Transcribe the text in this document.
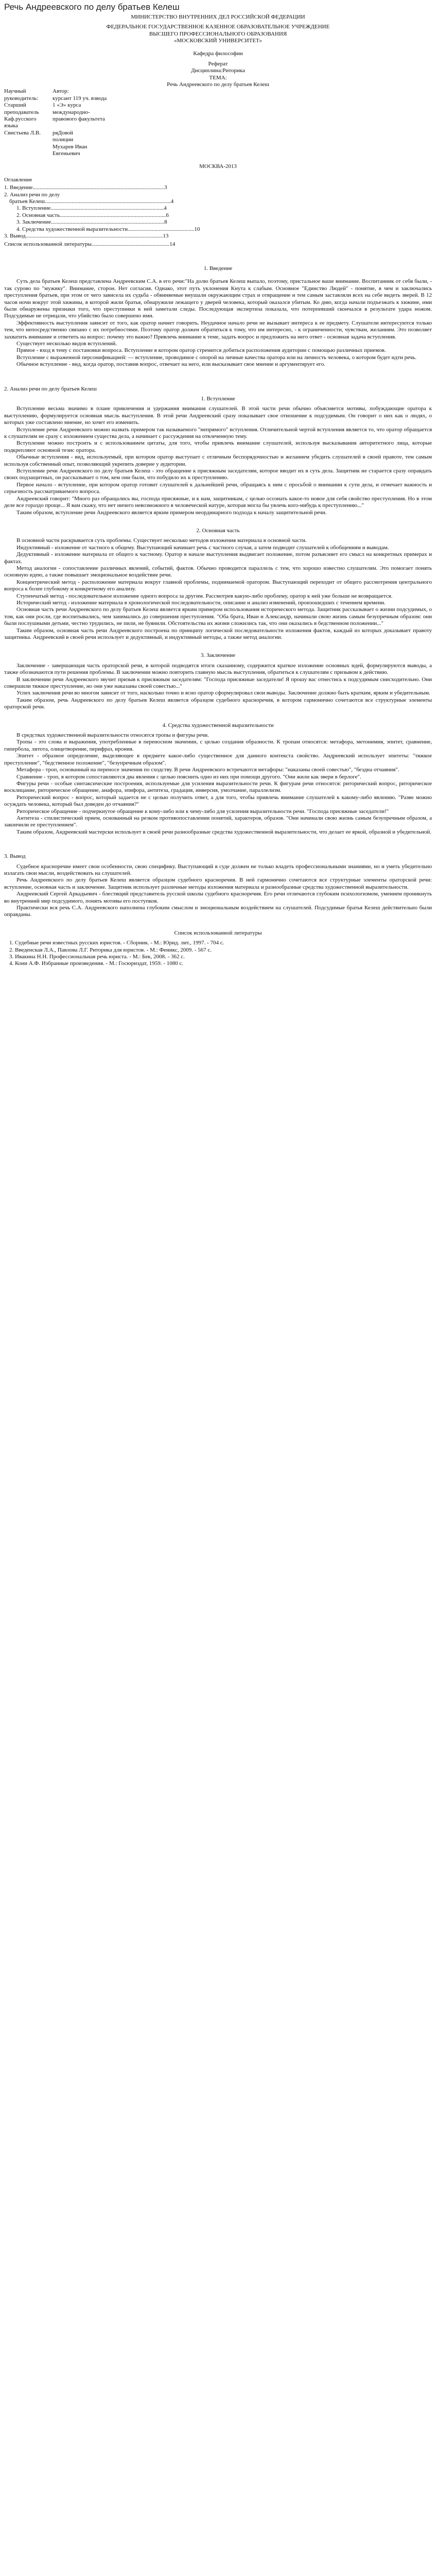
Речь Андреевского по делу братьев Келеш

МИНИСТЕРСТВО ВНУТРЕННИХ ДЕЛ РОССИЙСКОЙ ФЕДЕРАЦИИ

ФЕДЕРАЛЬНОЕ ГОСУДАРСТВЕННОЕ КАЗЕННОЕ ОБРАЗОВАТЕЛЬНОЕ УЧРЕЖДЕНИЕ

ВЫСШЕГО ПРОФЕССИОНАЛЬНОГО ОБРАЗОВАНИЯ

«МОСКОВСКИЙ УНИВЕРСИТЕТ»

Кафедра философии

Реферат

Дисциплина:Риторика

ТЕМА:

Речь Андреевского по делу братьев Келеш

Научный	Автор:
руководитель:	курсант 119 уч. взвода
Старший	1 «Э» курса
преподаватель	международно-
Каф.русского языка	правового факультета
Свистьева Л.В.	ряДовой
	полиции
	Мухарев Иван
	Евгеньевич

МОСКВА-2013

Оглавление

1. Введение ............................................................................................. 3
2. Анализ речи по делу
братьев Келеш ......................................................................................... 4
1. Вступление ................................................................................ 4
2. Основная часть ........................................................................... 6
3. Заключение ................................................................................ 8
4. Средства художественной выразительности ............................................... 10
3. Вывод ................................................................................................. 13
Список использованной литературы ....................................................... 14

1. Введение

Суть дела братьев Келеш представлена Андреевским С.А. в его речи:"На долю братьев Келеш выпало, поэтому, пристальное ваше внимание. Воспитанник от себя были, - так сурово по "мужику". Внимание, сторон. Нет согласия. Однако, этот путь уклонения Кнута к слабым. Основное "Единство Людей" - понятие, в чем и заключались преступления братьев, при этом от чего зависела их судьба - обвиняемые внушали окружающим страх и отвращение и тем самым заставляли всех на себе видеть зверей. В 12 часов ночи вокруг этой хижины, в которой жили братья, обнаружили лежащего у дверей человека, который оказался убитым. Ко дню, когда начали подъезжать к хижине, ими были обнаружены признаки того, что преступники в ней заметали следы. Последующая экспертиза показала, что потерпевший скончался в результате удара ножом. Подсудимые не отрицали, что убийство было совершено ими.

Эффективность выступления зависит от того, как оратор начнет говорить. Неудачное начало речи не вызывает интереса к ее предмету. Слушатели интересуются только тем, что непосредственно связано с их потребностями. Поэтому оратор должен обратиться к тому, что им интересно, - к ограниченности, чувствам, желаниям. Это позволяет захватить внимание и ответить на вопрос: почему это важно? Привлечь внимание к теме, задать вопрос и предложить на него ответ - основная задача вступления.

Существует несколько видов вступлений.

Прямое - вход в тему с постановки вопроса. Вступление в котором оратор стремится добиться расположения аудитории с помощью различных приемов.

Вступление с выраженной персонификацией: — вступление, проводимое с опорой на личные качества оратора или на личность человека, о котором будет идти речь.

Обычное вступление - вид, когда оратор, поставив вопрос, отвечает на него, или высказывает свое мнение и аргументирует его.

2. Анализ речи по делу братьев Келеш

1. Вступление

Вступление весьма значимо в плане привлечения и удержания внимания слушателей. В этой части речи обычно объясняется мотивы, побуждающие оратора к выступлению, формулируется основная мысль выступления. В этой речи Андреевский сразу показывает свое отношение к подсудимым. Он говорит о них как о людях, о которых уже составлено мнение, но хочет его изменить.

Вступление речи Андреевского можно назвать примером так называемого "непрямого" вступления. Отличительной чертой вступления является то, что оратор обращается к слушателям не сразу с изложением существа дела, а начинает с рассуждения на отвлеченную тему.

Вступление можно построить и с использованием цитаты, для того, чтобы привлечь внимание слушателей, используя высказывания авторитетного лица, которые подкрепляют основной тезис оратора.

Обычные вступления - вид, используемый, при котором оратор выступает с отличным беспорядочностью и желанием убедить слушателей в своей правоте, тем самым используя собственный опыт, позволяющий укрепить доверие у аудитории.

Вступление речи Андреевского по делу братьев Келеш - это обращение к присяжным заседателям, которое вводит их в суть дела. Защитник не старается сразу оправдать своих подзащитных, он рассказывает о том, кем они были, что побудило их к преступлению.

Первое начало - вступление, при котором оратор готовит слушателей к дальнейшей речи, обращаясь к ним с просьбой о внимании к сути дела, и отмечает важность и серьезность рассматриваемого вопроса.

Андреевский говорит: "Много раз обращались вы, господа присяжные, и к нам, защитникам, с целью осознать какое-то новое для себя свойство преступления. Но в этом деле все гораздо проще... Я вам скажу, что нет ничего невозможного в человеческой натуре, которая могла бы увлечь кого-нибудь к преступлению..."

Таким образом, вступление речи Андреевского является ярким примером неординарного подхода к началу защитительной речи.

2. Основная часть

В основной части раскрывается суть проблемы. Существует несколько методов изложения материала в основной части.

Индуктивный - изложение от частного к общему. Выступающий начинает речь с частного случая, а затем подводит слушателей к обобщениям и выводам.

Дедуктивный - изложение материала от общего к частному. Оратор в начале выступления выдвигает положение, потом разъясняет его смысл на конкретных примерах и фактах.

Метод аналогии - сопоставление различных явлений, событий, фактов. Обычно проводится параллель с тем, что хорошо известно слушателям. Это помогает понять основную идею, а также повышает эмоциональное воздействие речи.

Концентрический метод - расположение материала вокруг главной проблемы, поднимаемой оратором. Выступающий переходит от общего рассмотрения центрального вопроса к более глубокому и конкретному его анализу.

Ступенчатый метод - последовательное изложение одного вопроса за другим. Рассмотрев какую-либо проблему, оратор к ней уже больше не возвращается.

Исторический метод - изложение материала в хронологической последовательности, описание и анализ изменений, произошедших с течением времени.

Основная часть речи Андреевского по делу братьев Келеш является ярким примером использования исторического метода. Защитник рассказывает о жизни подсудимых, о том, как они росли, где воспитывались, чем занимались до совершения преступления. "Оба брата, Иван и Александр, начинали свою жизнь самым безупречным образом: они были послушными детьми, честно трудились, не пили, не буянили. Обстоятельства их жизни сложились так, что они оказались в бедственном положении..."

Таким образом, основная часть речи Андреевского построена по принципу логической последовательности изложения фактов, каждый из которых доказывает правоту защитника. Андреевский в своей речи использует и дедуктивный, и индуктивный методы, а также метод аналогии.

3. Заключение

Заключение - завершающая часть ораторской речи, в которой подводятся итоги сказанному, содержится краткое изложение основных идей, формулируются выводы, а также обозначаются пути решения проблемы. В заключении можно повторить главную мысль выступления, обратиться к слушателям с призывом к действию.

В заключении речи Андреевского звучит призыв к присяжным заседателям: "Господа присяжные заседатели! Я прошу вас отнестись к подсудимым снисходительно. Они совершили тяжкое преступление, но они уже наказаны своей совестью..."

Успех заключения речи во многом зависит от того, насколько точно и ясно оратор сформулировал свои выводы. Заключение должно быть кратким, ярким и убедительным.

Таким образом, речь Андреевского по делу братьев Келеш является образцом судебного красноречия, в котором гармонично сочетаются все структурные элементы ораторской речи.

4. Средства художественной выразительности

В средствах художественной выразительности относятся тропы и фигуры речи.

Тропы - это слова и выражения, употребленные в переносном значении, с целью создания образности. К тропам относятся: метафора, метонимия, эпитет, сравнение, гипербола, литота, олицетворение, перифраз, ирония.

Эпитет - образное определение, выделяющее в предмете какое-либо существенное для данного контекста свойство. Андреевский использует эпитеты: "тяжкое преступление", "бедственное положение", "безупречным образом".

Метафора - троп, основанный на переносе значения по сходству. В речи Андреевского встречаются метафоры: "наказаны своей совестью", "бездна отчаяния".

Сравнение - троп, в котором сопоставляются два явления с целью пояснить одно из них при помощи другого. "Они жили как звери в берлоге".

Фигуры речи - особые синтаксические построения, используемые для усиления выразительности речи. К фигурам речи относятся: риторический вопрос, риторическое восклицание, риторическое обращение, анафора, эпифора, антитеза, градация, инверсия, умолчание, параллелизм.

Риторический вопрос - вопрос, который задается не с целью получить ответ, а для того, чтобы привлечь внимание слушателей к какому-либо явлению. "Разве можно осуждать человека, который был доведен до отчаяния?"

Риторическое обращение - подчеркнутое обращение к кому-либо или к чему-либо для усиления выразительности речи. "Господа присяжные заседатели!"

Антитеза - стилистический прием, основанный на резком противопоставлении понятий, характеров, образов. "Они начинали свою жизнь самым безупречным образом, а закончили ее преступлением".

Таким образом, Андреевский мастерски использует в своей речи разнообразные средства художественной выразительности, что делает ее яркой, образной и убедительной.

3. Вывод

Судебное красноречие имеет свои особенности, свою специфику. Выступающий в суде должен не только владеть профессиональными знаниями, но и уметь убедительно излагать свои мысли, воздействовать на слушателей.

Речь Андреевского по делу братьев Келеш является образцом судебного красноречия. В ней гармонично сочетаются все структурные элементы ораторской речи: вступление, основная часть и заключение. Защитник использует различные методы изложения материала и разнообразные средства художественной выразительности.

Андреевский Сергей Аркадьевич - блестящий представитель русской школы судебного красноречия. Его речи отличаются глубоким психологизмом, умением проникнуть во внутренний мир подсудимого, понять мотивы его поступков.

Практически вся речь С.А. Андреевского наполнена глубоким смыслом и эмоциональным воздействием на слушателей. Подсудимые братья Келеш действительно были оправданы.

Список использованной литературы

1. Судебные речи известных русских юристов. - Сборник. - М.: Юрид. лит., 1997. - 704 с.

2. Введенская Л.А., Павлова Л.Г. Риторика для юристов. - М.: Феникс, 2009. - 567 с.

3. Ивакина Н.Н. Профессиональная речь юриста. - М.: Бек, 2008. - 362 с.

4. Кони А.Ф. Избранные произведения. - М.: Госюриздат, 1959. - 1080 с.
